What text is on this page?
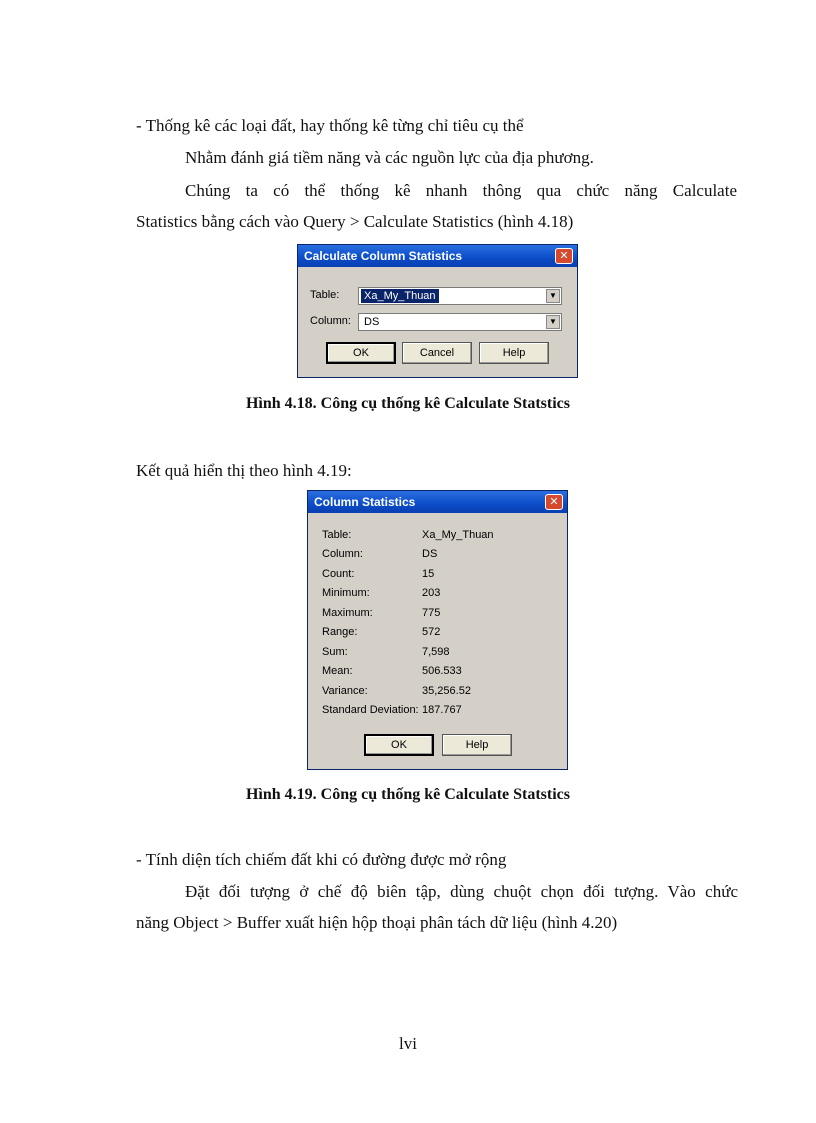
- Thống kê các loại đất, hay thống kê từng chỉ tiêu cụ thể
Nhằm đánh giá tiềm năng và các nguồn lực của địa phương.
Chúng ta có thể thống kê nhanh thông qua chức năng Calculate
Statistics bằng cách vào Query > Calculate Statistics (hình 4.18)
Calculate Column Statistics	✕
Table: Xa_My_Thuan	▼
Column: DS	▼
OK	Cancel	Help
Hình 4.18. Công cụ thống kê Calculate Statstics
Kết quả hiển thị theo hình 4.19:
Column Statistics	✕
Table:	Xa_My_Thuan
Column:	DS
Count:	15
Minimum:	203
Maximum:	775
Range:	572
Sum:	7,598
Mean:	506.533
Variance:	35,256.52
Standard Deviation: 187.767
OK	Help
Hình 4.19. Công cụ thống kê Calculate Statstics
- Tính diện tích chiếm đất khi có đường được mở rộng
Đặt đối tượng ở chế độ biên tập, dùng chuột chọn đối tượng. Vào chức
năng Object > Buffer xuất hiện hộp thoại phân tách dữ liệu (hình 4.20)
lvi
